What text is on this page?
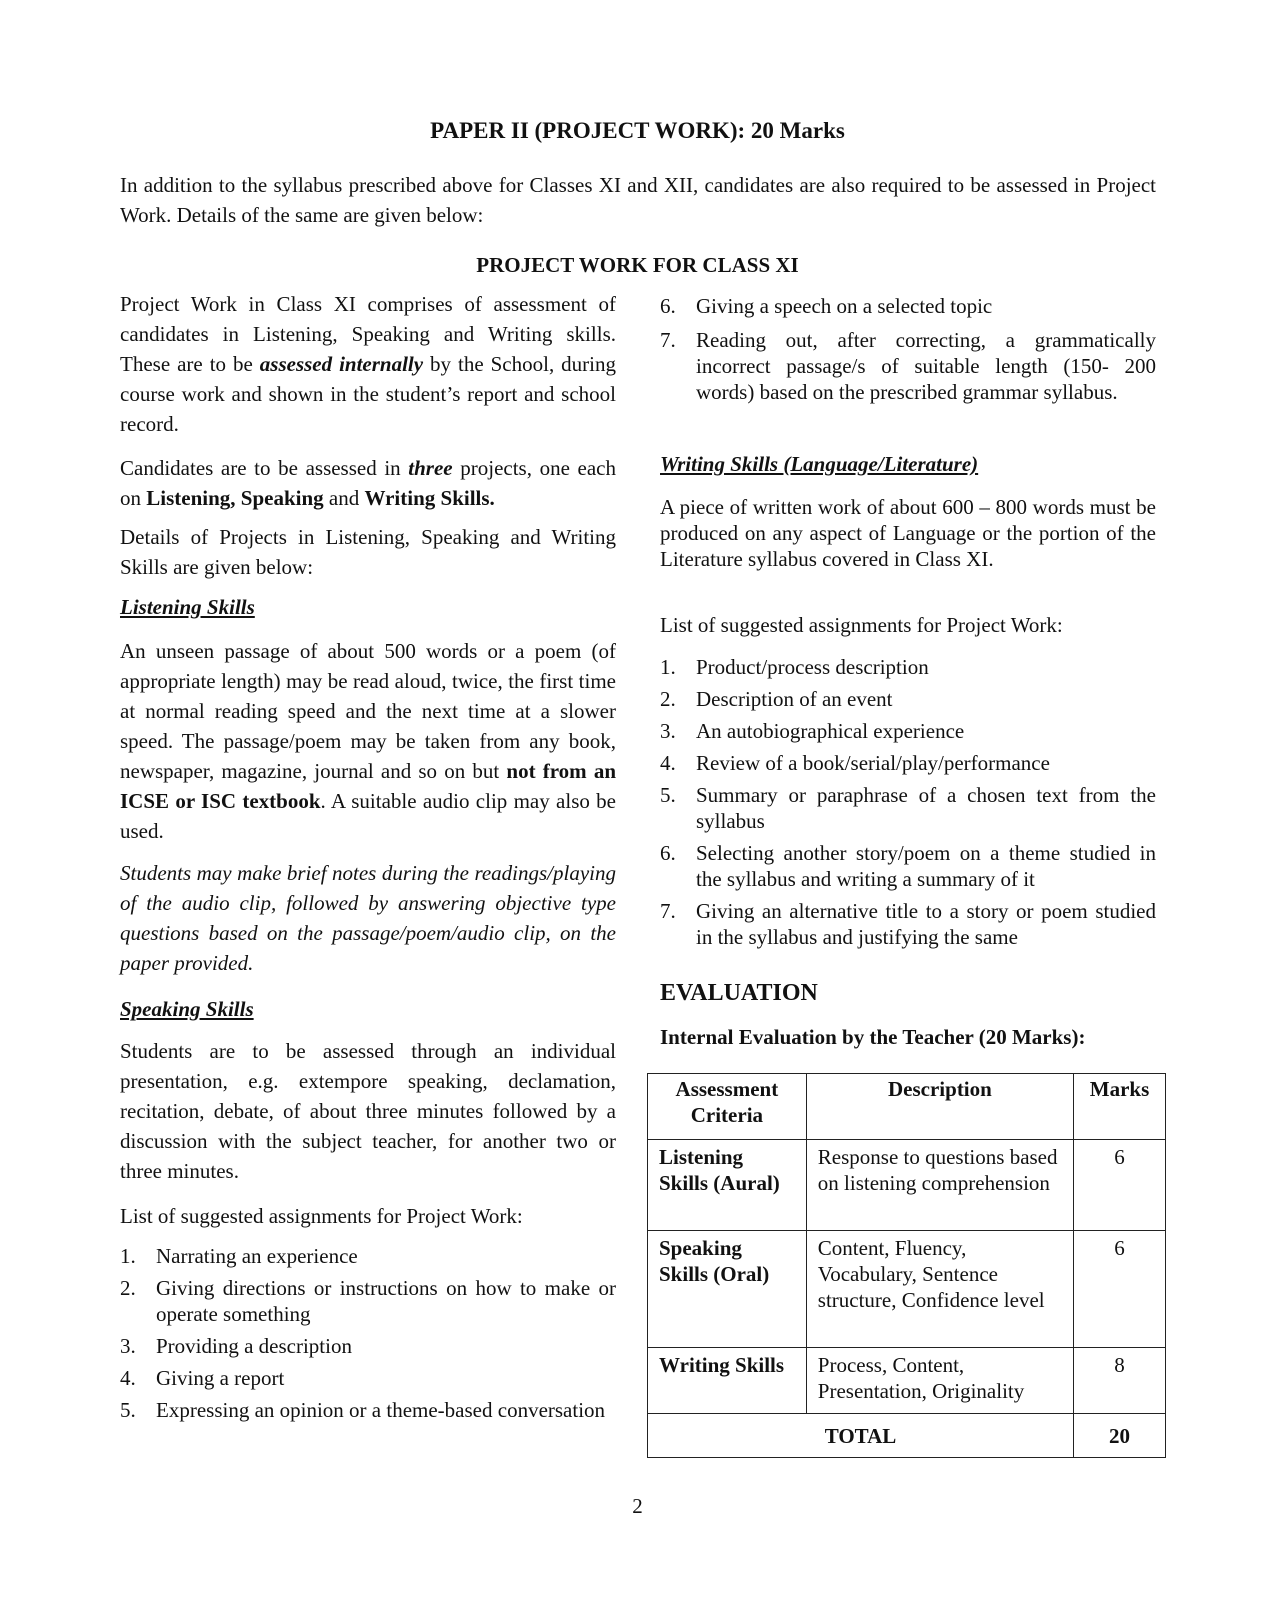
PAPER II (PROJECT WORK): 20 Marks

In addition to the syllabus prescribed above for Classes XI and XII, candidates are also required to be assessed in Project Work. Details of the same are given below:

PROJECT WORK FOR CLASS XI

Project Work in Class XI comprises of assessment of candidates in Listening, Speaking and Writing skills. These are to be assessed internally by the School, during course work and shown in the student’s report and school record.

Candidates are to be assessed in three projects, one each on Listening, Speaking and Writing Skills.

Details of Projects in Listening, Speaking and Writing Skills are given below:

Listening Skills

An unseen passage of about 500 words or a poem (of appropriate length) may be read aloud, twice, the first time at normal reading speed and the next time at a slower speed. The passage/poem may be taken from any book, newspaper, magazine, journal and so on but not from an ICSE or ISC textbook. A suitable audio clip may also be used.

Students may make brief notes during the readings/playing of the audio clip, followed by answering objective type questions based on the passage/poem/audio clip, on the paper provided.

Speaking Skills

Students are to be assessed through an individual presentation, e.g. extempore speaking, declamation, recitation, debate, of about three minutes followed by a discussion with the subject teacher, for another two or three minutes.

List of suggested assignments for Project Work:

1. Narrating an experience
2. Giving directions or instructions on how to make or operate something
3. Providing a description
4. Giving a report
5. Expressing an opinion or a theme-based conversation
6. Giving a speech on a selected topic
7. Reading out, after correcting, a grammatically incorrect passage/s of suitable length (150- 200 words) based on the prescribed grammar syllabus.
Writing Skills (Language/Literature)

A piece of written work of about 600 – 800 words must be produced on any aspect of Language or the portion of the Literature syllabus covered in Class XI.

List of suggested assignments for Project Work:

1. Product/process description
2. Description of an event
3. An autobiographical experience
4. Review of a book/serial/play/performance
5. Summary or paraphrase of a chosen text from the syllabus
6. Selecting another story/poem on a theme studied in the syllabus and writing a summary of it
7. Giving an alternative title to a story or poem studied in the syllabus and justifying the same
EVALUATION
Internal Evaluation by the Teacher (20 Marks):
Assessment Criteria	Description	Marks
Listening Skills (Aural)	Response to questions based on listening comprehension	6
Speaking Skills (Oral)	Content, Fluency, Vocabulary, Sentence structure, Confidence level	6
Writing Skills	Process, Content, Presentation, Originality	8
TOTAL		20
2
